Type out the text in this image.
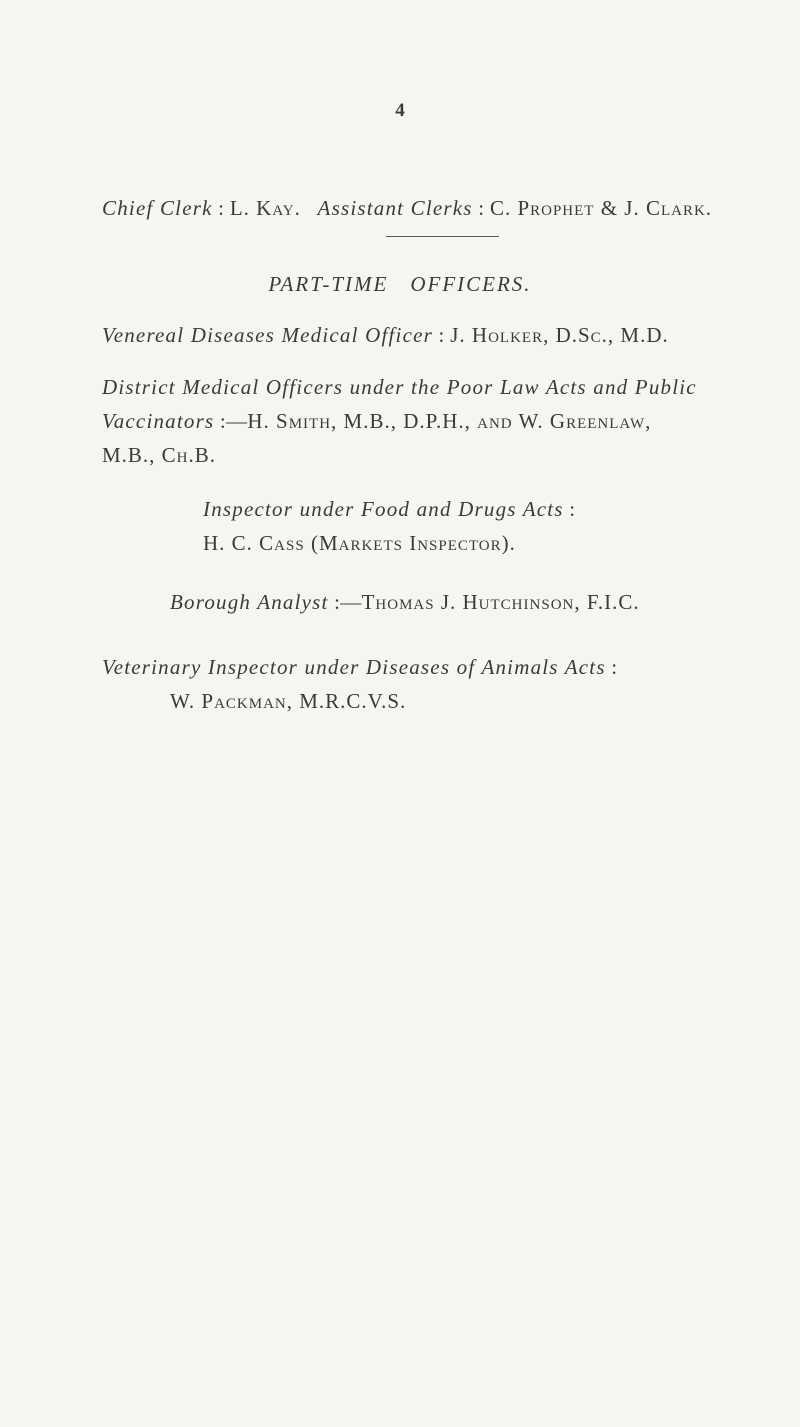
4
Chief Clerk : L. Kay. Assistant Clerks : C. Prophet & J. Clark.
PART-TIME OFFICERS.
Venereal Diseases Medical Officer : J. Holker, D.Sc., M.D.
District Medical Officers under the Poor Law Acts and Public
Vaccinators :—H. Smith, M.B., D.P.H., and W. Greenlaw,
M.B., Ch.B.
Inspector under Food and Drugs Acts :
H. C. Cass (Markets Inspector).
Borough Analyst :—Thomas J. Hutchinson, F.I.C.
Veterinary Inspector under Diseases of Animals Acts :
W. Packman, M.R.C.V.S.
